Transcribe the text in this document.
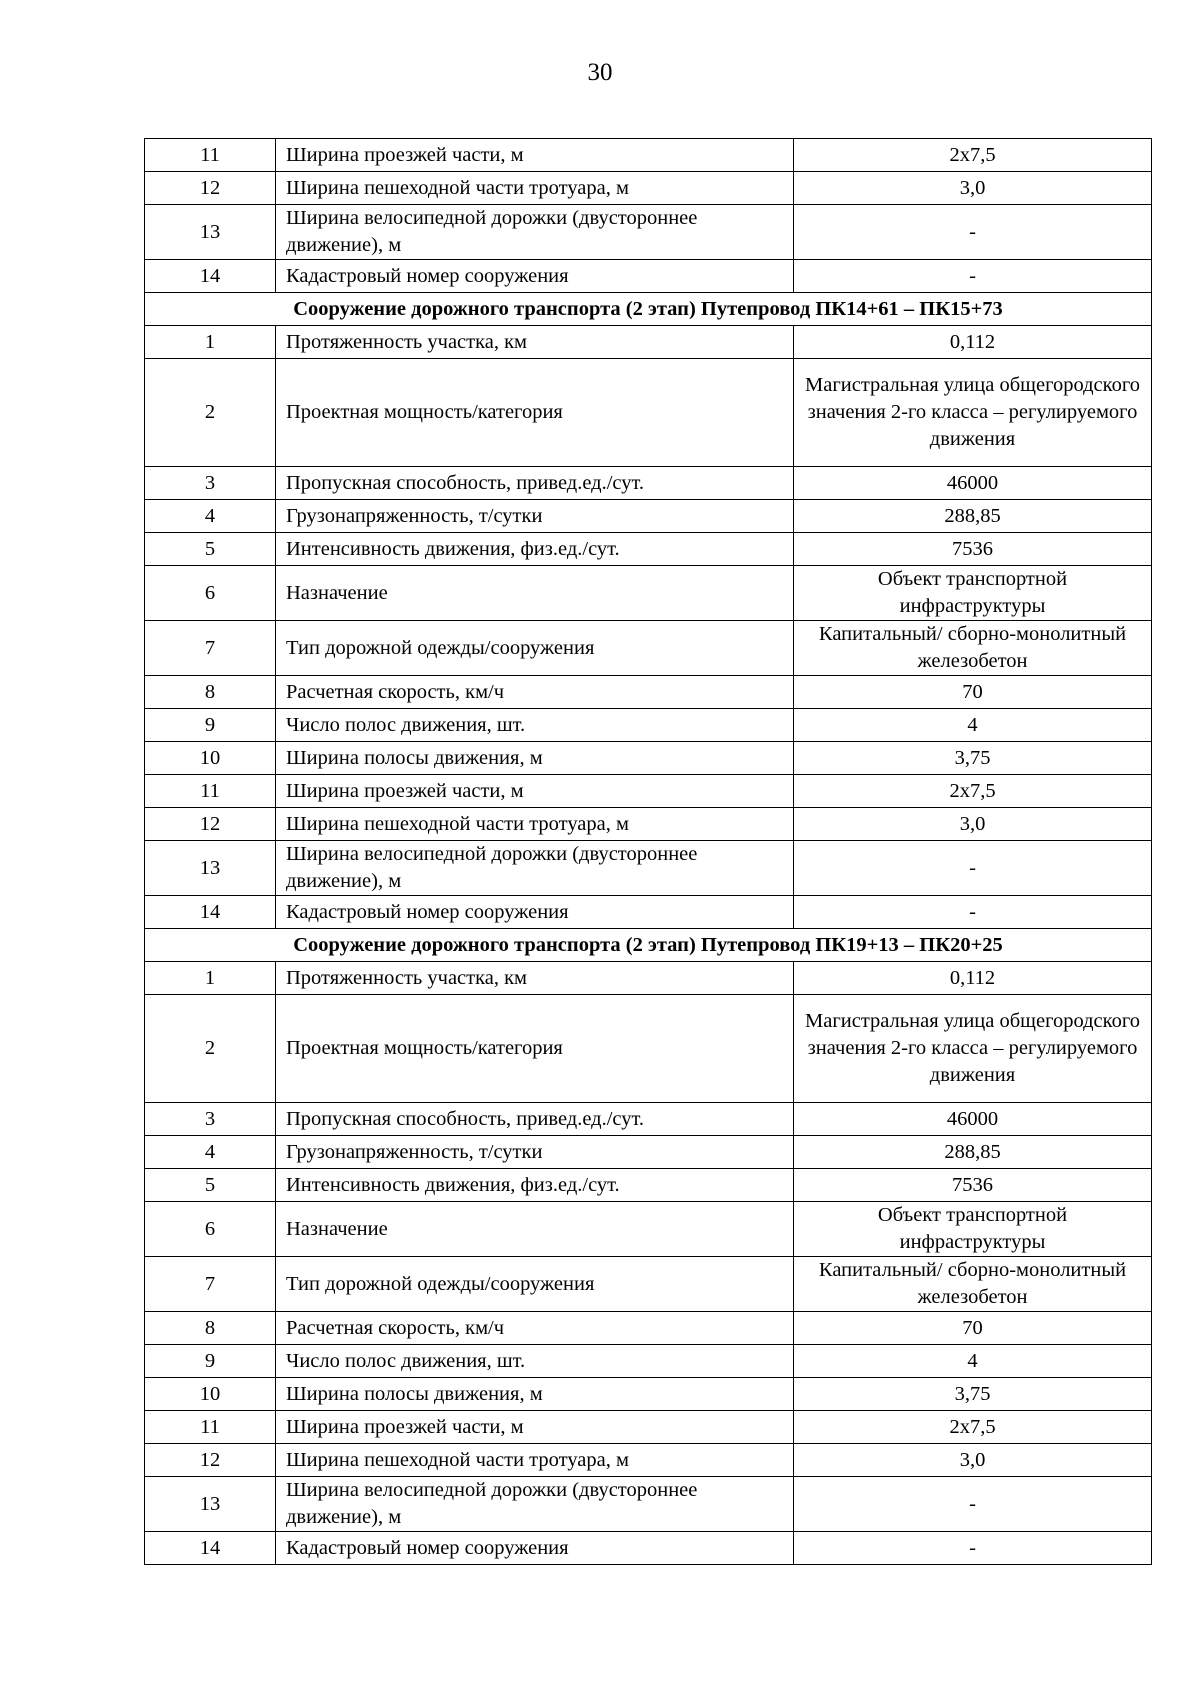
30
11	Ширина проезжей части, м	2х7,5
12	Ширина пешеходной части тротуара, м	3,0
13	Ширина велосипедной дорожки (двустороннее движение), м	-
14	Кадастровый номер сооружения	-
Сооружение дорожного транспорта (2 этап) Путепровод ПК14+61 – ПК15+73		
1	Протяженность участка, км	0,112
2	Проектная мощность/категория	Магистральная улица общегородского значения 2-го класса – регулируемого движения
3	Пропускная способность, привед.ед./сут.	46000
4	Грузонапряженность, т/сутки	288,85
5	Интенсивность движения, физ.ед./сут.	7536
6	Назначение	Объект транспортной инфраструктуры
7	Тип дорожной одежды/сооружения	Капитальный/ сборно-монолитный железобетон
8	Расчетная скорость, км/ч	70
9	Число полос движения, шт.	4
10	Ширина полосы движения, м	3,75
11	Ширина проезжей части, м	2х7,5
12	Ширина пешеходной части тротуара, м	3,0
13	Ширина велосипедной дорожки (двустороннее движение), м	-
14	Кадастровый номер сооружения	-
Сооружение дорожного транспорта (2 этап) Путепровод ПК19+13 – ПК20+25		
1	Протяженность участка, км	0,112
2	Проектная мощность/категория	Магистральная улица общегородского значения 2-го класса – регулируемого движения
3	Пропускная способность, привед.ед./сут.	46000
4	Грузонапряженность, т/сутки	288,85
5	Интенсивность движения, физ.ед./сут.	7536
6	Назначение	Объект транспортной инфраструктуры
7	Тип дорожной одежды/сооружения	Капитальный/ сборно-монолитный железобетон
8	Расчетная скорость, км/ч	70
9	Число полос движения, шт.	4
10	Ширина полосы движения, м	3,75
11	Ширина проезжей части, м	2х7,5
12	Ширина пешеходной части тротуара, м	3,0
13	Ширина велосипедной дорожки (двустороннее движение), м	-
14	Кадастровый номер сооружения	-
